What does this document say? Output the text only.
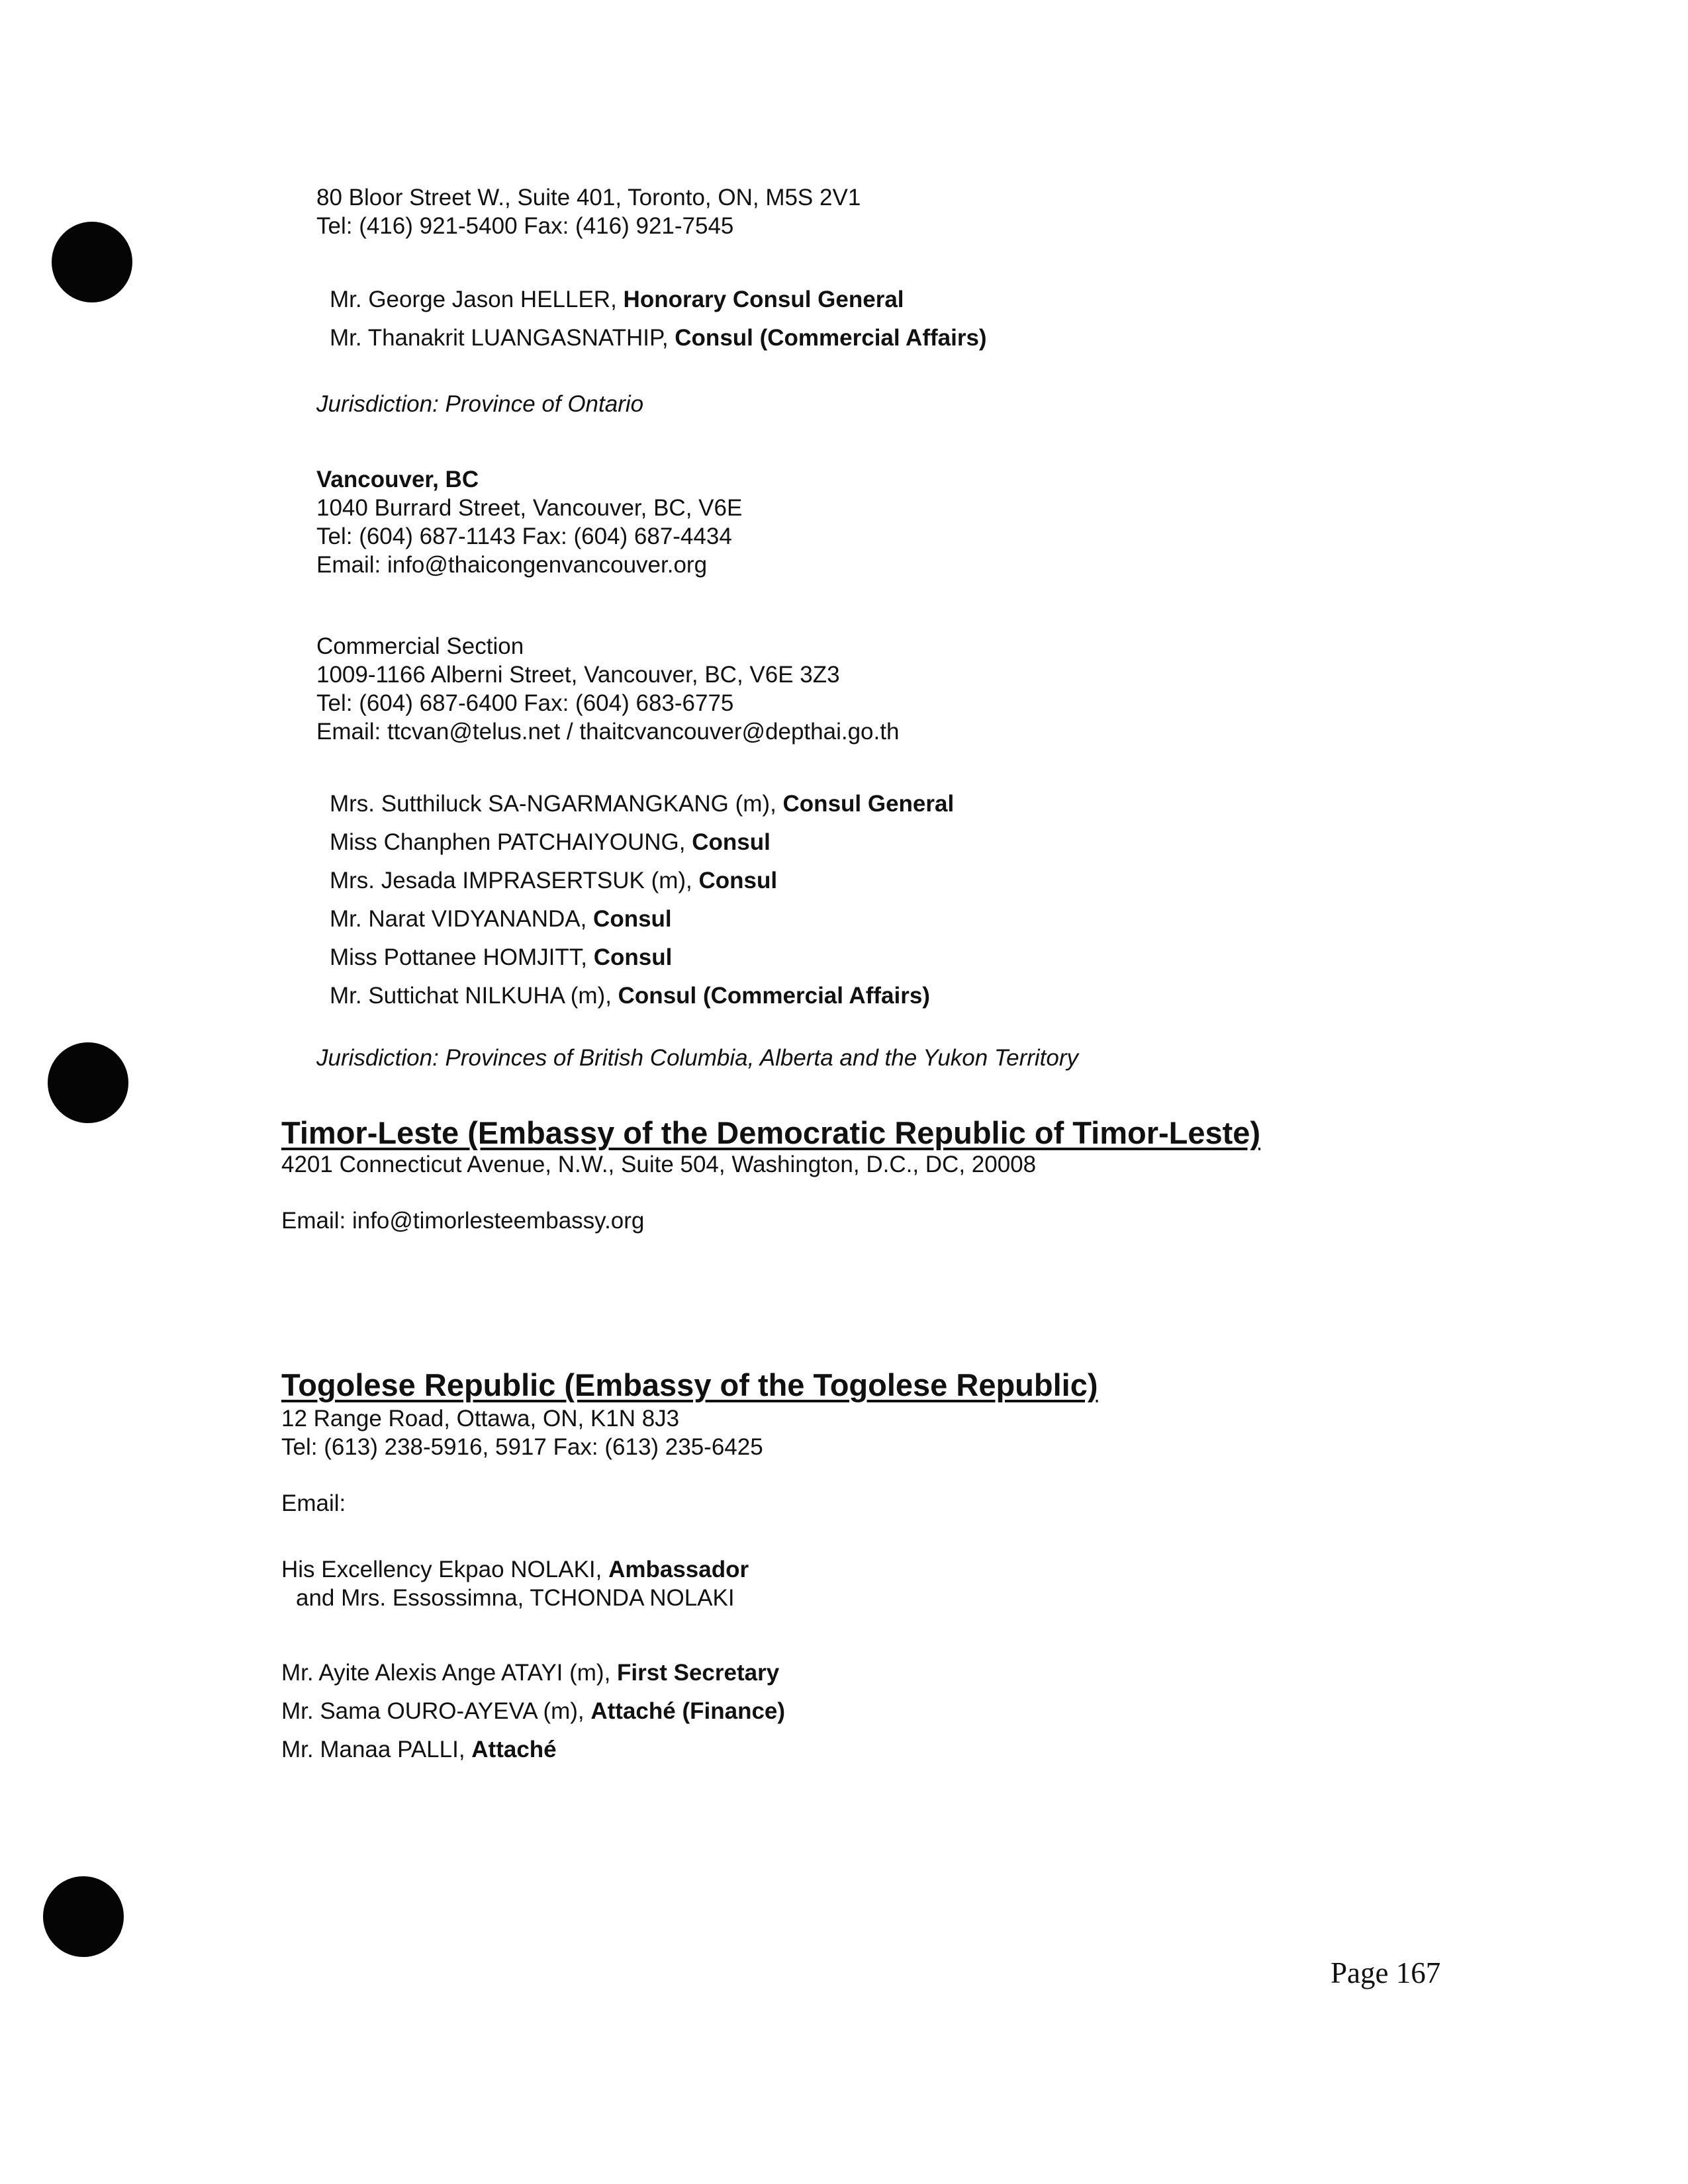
80 Bloor Street W., Suite 401, Toronto, ON, M5S 2V1
Tel: (416) 921-5400 Fax: (416) 921-7545
Mr. George Jason HELLER, Honorary Consul General
Mr. Thanakrit LUANGASNATHIP, Consul (Commercial Affairs)
Jurisdiction: Province of Ontario
Vancouver, BC
1040 Burrard Street, Vancouver, BC, V6E
Tel: (604) 687-1143 Fax: (604) 687-4434
Email: info@thaicongenvancouver.org
Commercial Section
1009-1166 Alberni Street, Vancouver, BC, V6E 3Z3
Tel: (604) 687-6400 Fax: (604) 683-6775
Email: ttcvan@telus.net / thaitcvancouver@depthai.go.th
Mrs. Sutthiluck SA-NGARMANGKANG (m), Consul General
Miss Chanphen PATCHAIYOUNG, Consul
Mrs. Jesada IMPRASERTSUK (m), Consul
Mr. Narat VIDYANANDA, Consul
Miss Pottanee HOMJITT, Consul
Mr. Suttichat NILKUHA (m), Consul (Commercial Affairs)
Jurisdiction: Provinces of British Columbia, Alberta and the Yukon Territory
Timor-Leste (Embassy of the Democratic Republic of Timor-Leste)
4201 Connecticut Avenue, N.W., Suite 504, Washington, D.C., DC, 20008
Email: info@timorlesteembassy.org
Togolese Republic (Embassy of the Togolese Republic)
12 Range Road, Ottawa, ON, K1N 8J3
Tel: (613) 238-5916, 5917 Fax: (613) 235-6425
Email:
His Excellency Ekpao NOLAKI, Ambassador
and Mrs. Essossimna, TCHONDA NOLAKI
Mr. Ayite Alexis Ange ATAYI (m), First Secretary
Mr. Sama OURO-AYEVA (m), Attaché (Finance)
Mr. Manaa PALLI, Attaché
Page 167
